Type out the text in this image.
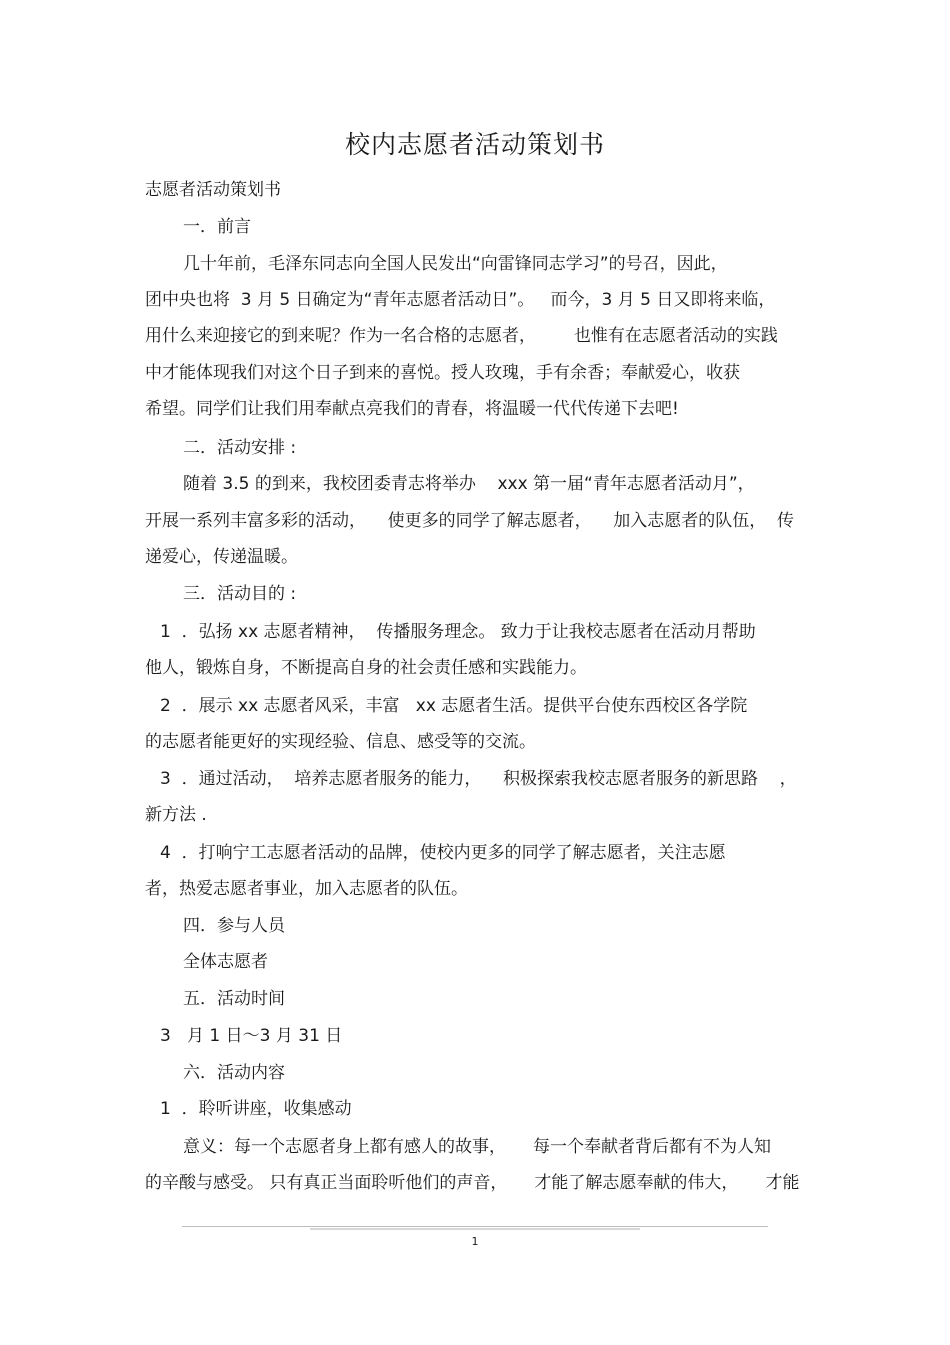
校内志愿者活动策划书
志愿者活动策划书
一．前言
几十年前，毛泽东同志向全国人民发出“向雷锋同志学习”的号召，因此，
团中央也将  3 月 5 日确定为“青年志愿者活动日”。   而今，3 月 5 日又即将来临，
用什么来迎接它的到来呢？作为一名合格的志愿者，       也惟有在志愿者活动的实践
中才能体现我们对这个日子到来的喜悦。授人玫瑰，手有余香；奉献爱心，收获
希望。同学们让我们用奉献点亮我们的青春，将温暖一代代传递下去吧!
二．活动安排 :
随着 3.5 的到来，我校团委青志将举办    xxx 第一届“青年志愿者活动月”，
开展一系列丰富多彩的活动，    使更多的同学了解志愿者，    加入志愿者的队伍，  传
递爱心，传递温暖。
三．活动目的 :
1  ．弘扬 xx 志愿者精神，  传播服务理念。 致力于让我校志愿者在活动月帮助
他人，锻炼自身，不断提高自身的社会责任感和实践能力。
2  ．展示 xx 志愿者风采，丰富   xx 志愿者生活。提供平台使东西校区各学院
的志愿者能更好的实现经验、信息、感受等的交流。
3  ．通过活动，  培养志愿者服务的能力，    积极探索我校志愿者服务的新思路    ，
新方法 .
4  ．打响宁工志愿者活动的品牌，使校内更多的同学了解志愿者，关注志愿
者，热爱志愿者事业，加入志愿者的队伍。
四．参与人员
全体志愿者
五．活动时间
3   月 1 日～3 月 31 日
六．活动内容
1  ．聆听讲座，收集感动
意义：每一个志愿者身上都有感人的故事，     每一个奉献者背后都有不为人知
的辛酸与感受。 只有真正当面聆听他们的声音，     才能了解志愿奉献的伟大，     才能
1
